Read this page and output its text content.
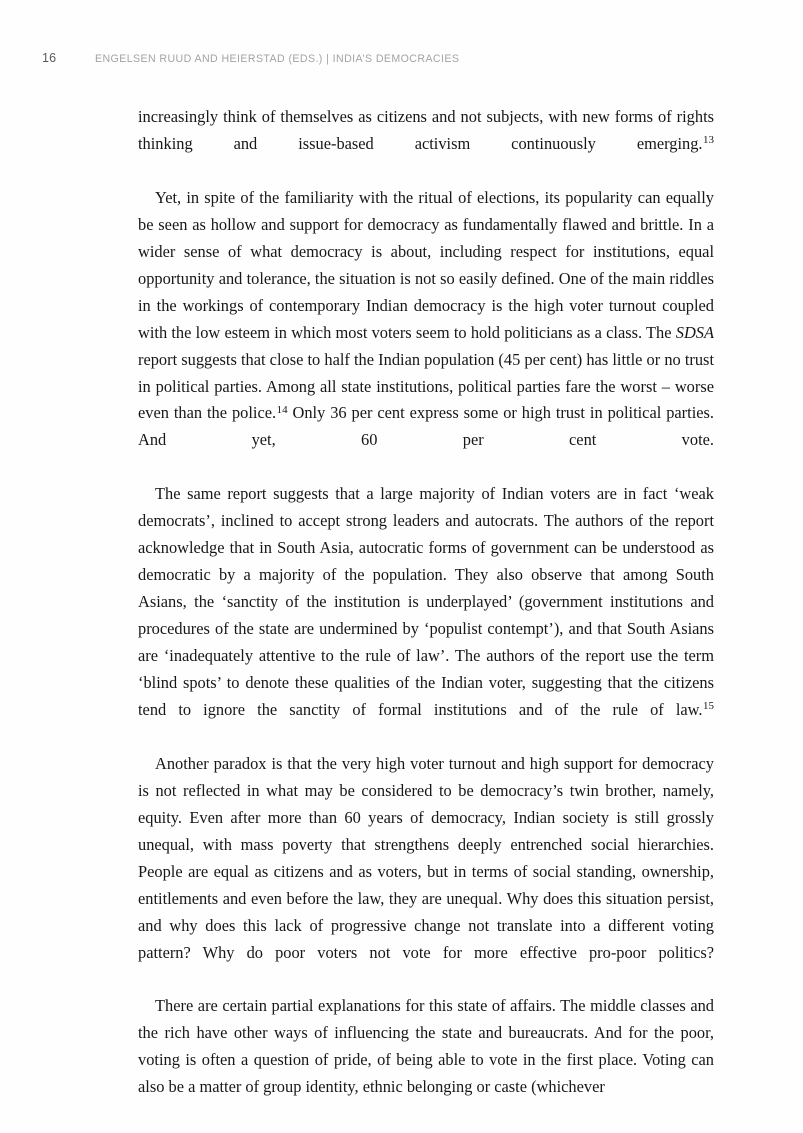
16	ENGELSEN RUUD AND HEIERSTAD (EDS.) | INDIA’S DEMOCRACIES

increasingly think of themselves as citizens and not subjects, with new forms of rights thinking and issue-based activism continuously emerging.$^{13}$

Yet, in spite of the familiarity with the ritual of elections, its popularity can equally be seen as hollow and support for democracy as fundamentally flawed and brittle. In a wider sense of what democracy is about, including respect for institutions, equal opportunity and tolerance, the situation is not so easily defined. One of the main riddles in the workings of contemporary Indian democracy is the high voter turnout coupled with the low esteem in which most voters seem to hold politicians as a class. The SDSA report suggests that close to half the Indian population (45 per cent) has little or no trust in political parties. Among all state institutions, political parties fare the worst – worse even than the police.$^{14}$ Only 36 per cent express some or high trust in political parties. And yet, 60 per cent vote.

The same report suggests that a large majority of Indian voters are in fact ‘weak democrats’, inclined to accept strong leaders and autocrats. The authors of the report acknowledge that in South Asia, autocratic forms of government can be understood as democratic by a majority of the population. They also observe that among South Asians, the ‘sanctity of the institution is underplayed’ (government institutions and procedures of the state are undermined by ‘populist contempt’), and that South Asians are ‘inadequately attentive to the rule of law’. The authors of the report use the term ‘blind spots’ to denote these qualities of the Indian voter, suggesting that the citizens tend to ignore the sanctity of formal institutions and of the rule of law.$^{15}$

Another paradox is that the very high voter turnout and high support for democracy is not reflected in what may be considered to be democracy’s twin brother, namely, equity. Even after more than 60 years of democracy, Indian society is still grossly unequal, with mass poverty that strengthens deeply entrenched social hierarchies. People are equal as citizens and as voters, but in terms of social standing, ownership, entitlements and even before the law, they are unequal. Why does this situation persist, and why does this lack of progressive change not translate into a different voting pattern? Why do poor voters not vote for more effective pro-poor politics?

There are certain partial explanations for this state of affairs. The middle classes and the rich have other ways of influencing the state and bureaucrats. And for the poor, voting is often a question of pride, of being able to vote in the first place. Voting can also be a matter of group identity, ethnic belonging or caste (whichever
